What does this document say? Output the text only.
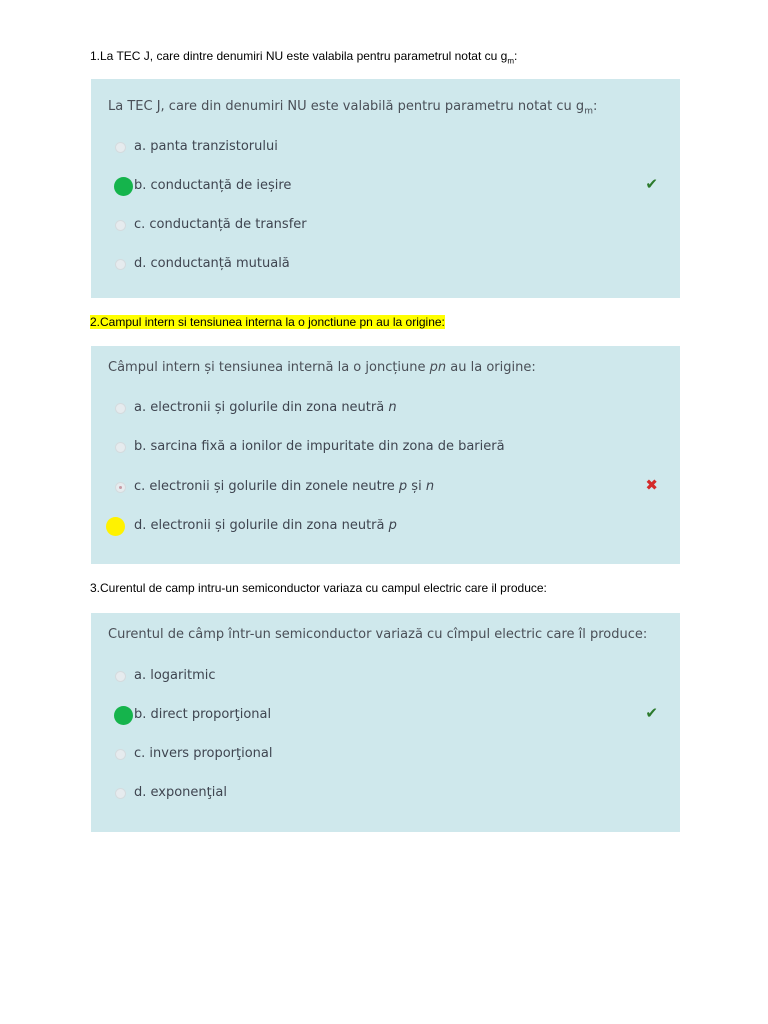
1.La TEC J, care dintre denumiri NU este valabila pentru parametrul notat cu $g_m$:
La TEC J, care din denumiri NU este valabilă pentru parametru notat cu $g_m$:
a. panta tranzistorului
b. conductanță de ieșire	✔
c. conductanță de transfer
d. conductanță mutuală
2.Campul intern si tensiunea interna la o jonctiune pn au la origine:
Câmpul intern și tensiunea internă la o joncțiune pn au la origine:
a. electronii și golurile din zona neutră n
b. sarcina fixă a ionilor de impuritate din zona de barieră
c. electronii și golurile din zonele neutre p și n	✖
d. electronii și golurile din zona neutră p
3.Curentul de camp intru-un semiconductor variaza cu campul electric care il produce:
Curentul de câmp într-un semiconductor variază cu cîmpul electric care îl produce:
a. logaritmic
b. direct proporţional	✔
c. invers proporţional
d. exponenţial
